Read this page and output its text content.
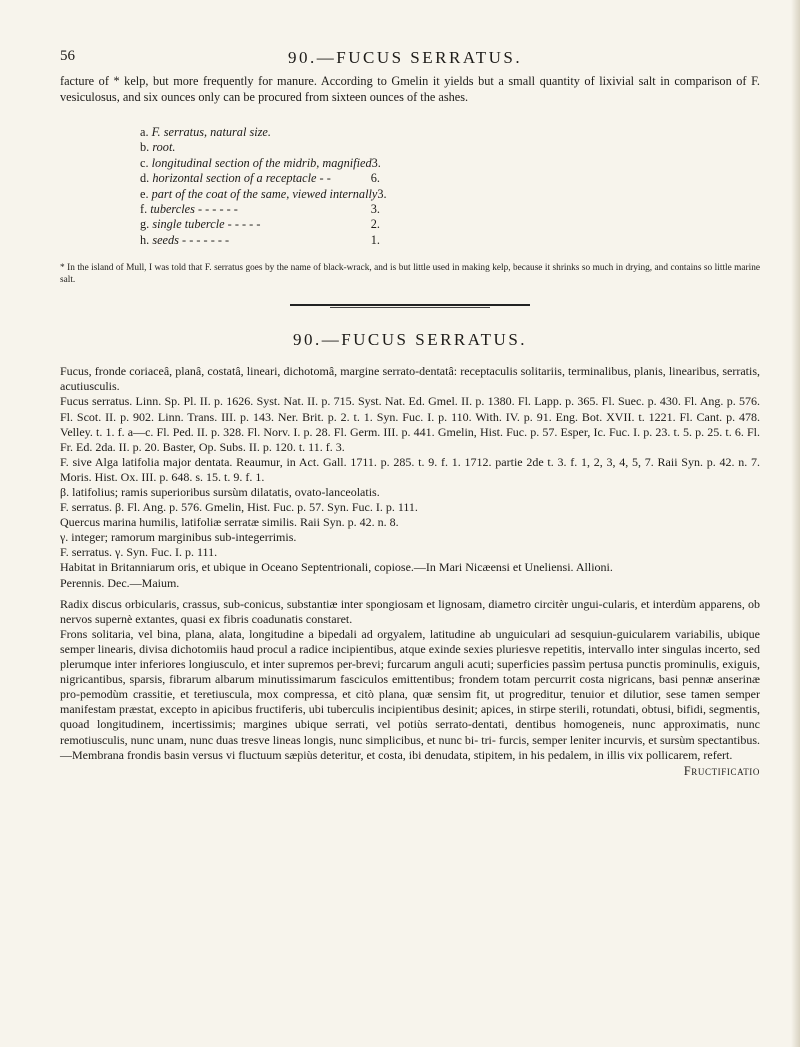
56	90.—FUCUS SERRATUS.

facture of * kelp, but more frequently for manure. According to Gmelin it yields but a small quantity of lixivial salt in comparison of F. vesiculosus, and six ounces only can be procured from sixteen ounces of the ashes.

a. F. serratus, natural size.
b. root.
c. longitudinal section of the midrib, magnified 3.
d. horizontal section of a receptacle - -	6.
e. part of the coat of the same, viewed internally 3.
f. tubercles - - - - - -	3.
g. single tubercle - - - - -	2.
h. seeds - - - - - - -	1.

* In the island of Mull, I was told that F. serratus goes by the name of black-wrack, and is but little used in making kelp, because it shrinks so much in drying, and contains so little marine salt.

90.—FUCUS SERRATUS.

Fucus, fronde coriaceâ, planâ, costatâ, lineari, dichotomâ, margine serrato-dentatâ: receptaculis solitariis, terminalibus, planis, linearibus, serratis, acutiusculis.

Fucus serratus. Linn. Sp. Pl. II. p. 1626. Syst. Nat. II. p. 715. Syst. Nat. Ed. Gmel. II. p. 1380. Fl. Lapp. p. 365. Fl. Suec. p. 430. Fl. Ang. p. 576. Fl. Scot. II. p. 902. Linn. Trans. III. p. 143. Ner. Brit. p. 2. t. 1. Syn. Fuc. I. p. 110. With. IV. p. 91. Eng. Bot. XVII. t. 1221. Fl. Cant. p. 478. Velley. t. 1. f. a—c. Fl. Ped. II. p. 328. Fl. Norv. I. p. 28. Fl. Germ. III. p. 441. Gmelin, Hist. Fuc. p. 57. Esper, Ic. Fuc. I. p. 23. t. 5. p. 25. t. 6. Fl. Fr. Ed. 2da. II. p. 20. Baster, Op. Subs. II. p. 120. t. 11. f. 3.

F. sive Alga latifolia major dentata. Reaumur, in Act. Gall. 1711. p. 285. t. 9. f. 1. 1712. partie 2de t. 3. f. 1, 2, 3, 4, 5, 7. Raii Syn. p. 42. n. 7. Moris. Hist. Ox. III. p. 648. s. 15. t. 9. f. 1.

β. latifolius; ramis superioribus sursùm dilatatis, ovato-lanceolatis.

F. serratus. β. Fl. Ang. p. 576. Gmelin, Hist. Fuc. p. 57. Syn. Fuc. I. p. 111.

Quercus marina humilis, latifoliæ serratæ similis. Raii Syn. p. 42. n. 8.

γ. integer; ramorum marginibus sub-integerrimis.

F. serratus. γ. Syn. Fuc. I. p. 111.

Habitat in Britanniarum oris, et ubique in Oceano Septentrionali, copiose.—In Mari Nicæensi et Uneliensi. Allioni.

Perennis. Dec.—Maium.

Radix discus orbicularis, crassus, sub-conicus, substantiæ inter spongiosam et lignosam, diametro circitèr ungui-cularis, et interdùm apparens, ob nervos supernè extantes, quasi ex fibris coadunatis constaret.

Frons solitaria, vel bina, plana, alata, longitudine a bipedali ad orgyalem, latitudine ab unguiculari ad sesquiun-guicularem variabilis, ubique semper linearis, divisa dichotomiis haud procul a radice incipientibus, atque exinde sexies pluriesve repetitis, intervallo inter singulas incerto, sed plerumque inter inferiores longiusculo, et inter supremos per-brevi; furcarum anguli acuti; superficies passìm pertusa punctis prominulis, exiguis, nigricantibus, sparsis, fibrarum albarum minutissimarum fasciculos emittentibus; frondem totam percurrit costa nigricans, basi pennæ anserinæ pro-pemodùm crassitie, et teretiuscula, mox compressa, et citò plana, quæ sensìm fit, ut progreditur, tenuior et dilutior, sese tamen semper manifestam præstat, excepto in apicibus fructiferis, ubi tuberculis incipientibus desinit; apices, in stirpe sterili, rotundati, obtusi, bifidi, segmentis, quoad longitudinem, incertissimis; margines ubique serrati, vel potiùs serrato-dentati, dentibus homogeneis, nunc approximatis, nunc remotiusculis, nunc unam, nunc duas tresve lineas longis, nunc simplicibus, et nunc bi- tri- furcis, semper leniter incurvis, et sursùm spectantibus.—Membrana frondis basin versus vi fluctuum sæpiùs deteritur, et costa, ibi denudata, stipitem, in his pedalem, in illis vix pollicarem, refert.

Fructificatio
